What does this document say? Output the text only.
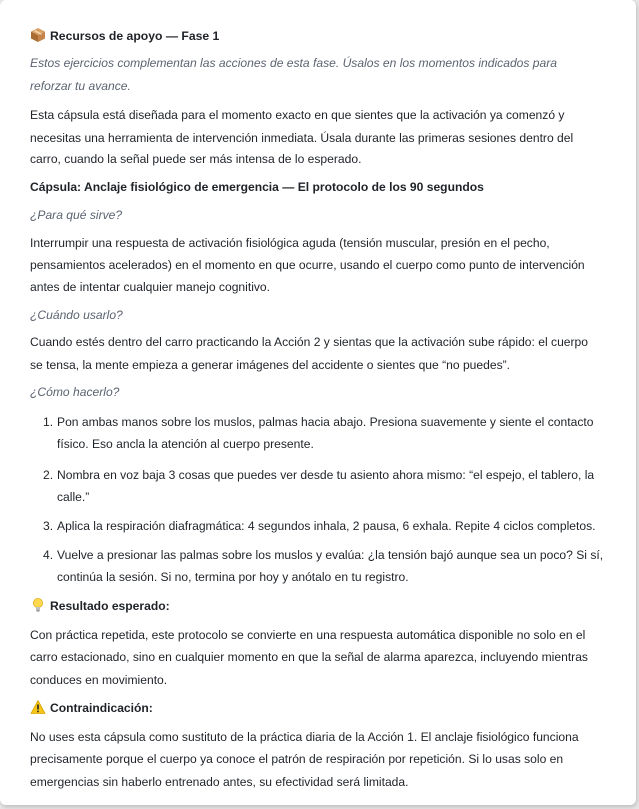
Recursos de apoyo — Fase 1
Estos ejercicios complementan las acciones de esta fase. Úsalos en los momentos indicados para
reforzar tu avance.
Esta cápsula está diseñada para el momento exacto en que sientes que la activación ya comenzó y
necesitas una herramienta de intervención inmediata. Úsala durante las primeras sesiones dentro del
carro, cuando la señal puede ser más intensa de lo esperado.
Cápsula: Anclaje fisiológico de emergencia — El protocolo de los 90 segundos
¿Para qué sirve?
Interrumpir una respuesta de activación fisiológica aguda (tensión muscular, presión en el pecho,
pensamientos acelerados) en el momento en que ocurre, usando el cuerpo como punto de intervención
antes de intentar cualquier manejo cognitivo.
¿Cuándo usarlo?
Cuando estés dentro del carro practicando la Acción 2 y sientas que la activación sube rápido: el cuerpo
se tensa, la mente empieza a generar imágenes del accidente o sientes que “no puedes”.
¿Cómo hacerlo?
1. Pon ambas manos sobre los muslos, palmas hacia abajo. Presiona suavemente y siente el contacto
físico. Eso ancla la atención al cuerpo presente.
2. Nombra en voz baja 3 cosas que puedes ver desde tu asiento ahora mismo: “el espejo, el tablero, la
calle.”
3. Aplica la respiración diafragmática: 4 segundos inhala, 2 pausa, 6 exhala. Repite 4 ciclos completos.
4. Vuelve a presionar las palmas sobre los muslos y evalúa: ¿la tensión bajó aunque sea un poco? Si sí,
continúa la sesión. Si no, termina por hoy y anótalo en tu registro.
Resultado esperado:
Con práctica repetida, este protocolo se convierte en una respuesta automática disponible no solo en el
carro estacionado, sino en cualquier momento en que la señal de alarma aparezca, incluyendo mientras
conduces en movimiento.
Contraindicación:
No uses esta cápsula como sustituto de la práctica diaria de la Acción 1. El anclaje fisiológico funciona
precisamente porque el cuerpo ya conoce el patrón de respiración por repetición. Si lo usas solo en
emergencias sin haberlo entrenado antes, su efectividad será limitada.
